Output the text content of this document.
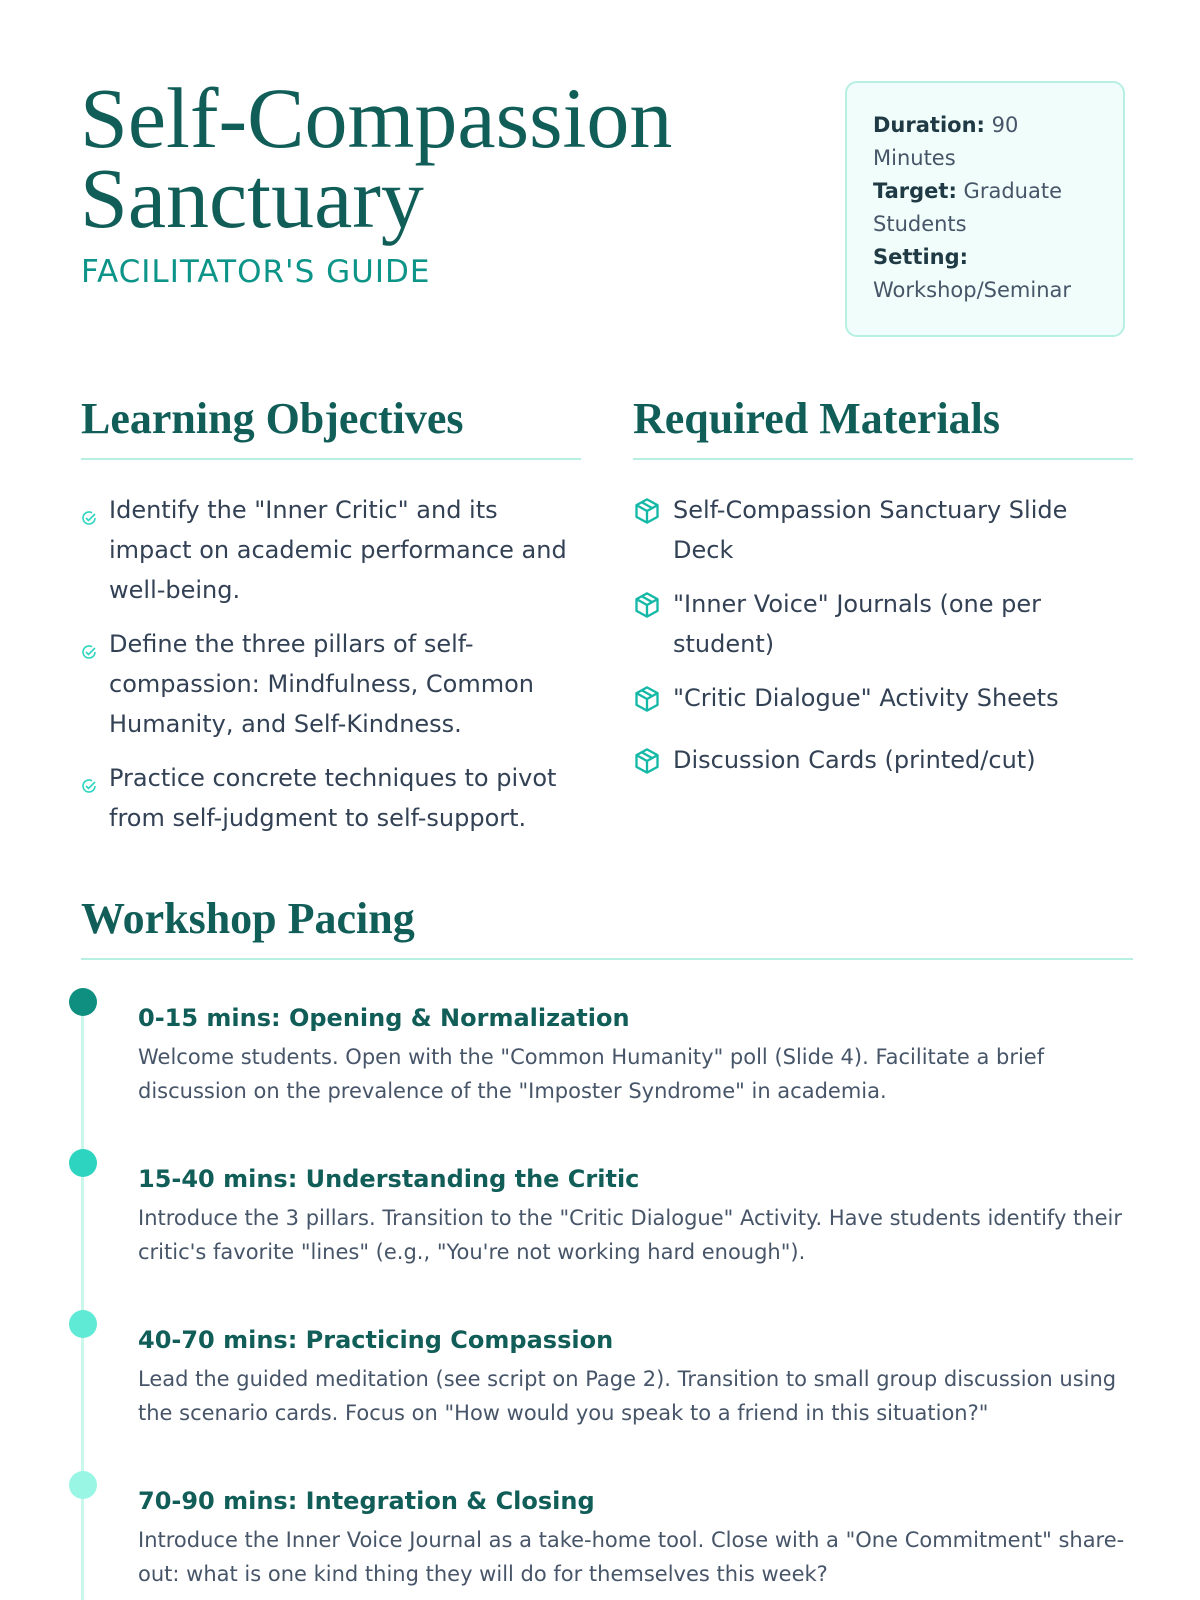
Self-Compassion
Sanctuary
FACILITATOR'S GUIDE
Duration: 90 Minutes
Target: Graduate Students
Setting:
Workshop/Seminar
Learning Objectives
Identify the "Inner Critic" and its impact on academic performance and well-being.
Define the three pillars of self-compassion: Mindfulness, Common Humanity, and Self-Kindness.
Practice concrete techniques to pivot from self-judgment to self-support.
Required Materials
Self-Compassion Sanctuary Slide Deck
"Inner Voice" Journals (one per student)
"Critic Dialogue" Activity Sheets
Discussion Cards (printed/cut)
Workshop Pacing
0-15 mins: Opening & Normalization

Welcome students. Open with the "Common Humanity" poll (Slide 4). Facilitate a brief discussion on the prevalence of the "Imposter Syndrome" in academia.

15-40 mins: Understanding the Critic

Introduce the 3 pillars. Transition to the "Critic Dialogue" Activity. Have students identify their critic's favorite "lines" (e.g., "You're not working hard enough").

40-70 mins: Practicing Compassion

Lead the guided meditation (see script on Page 2). Transition to small group discussion using the scenario cards. Focus on "How would you speak to a friend in this situation?"

70-90 mins: Integration & Closing

Introduce the Inner Voice Journal as a take-home tool. Close with a "One Commitment" share-out: what is one kind thing they will do for themselves this week?
